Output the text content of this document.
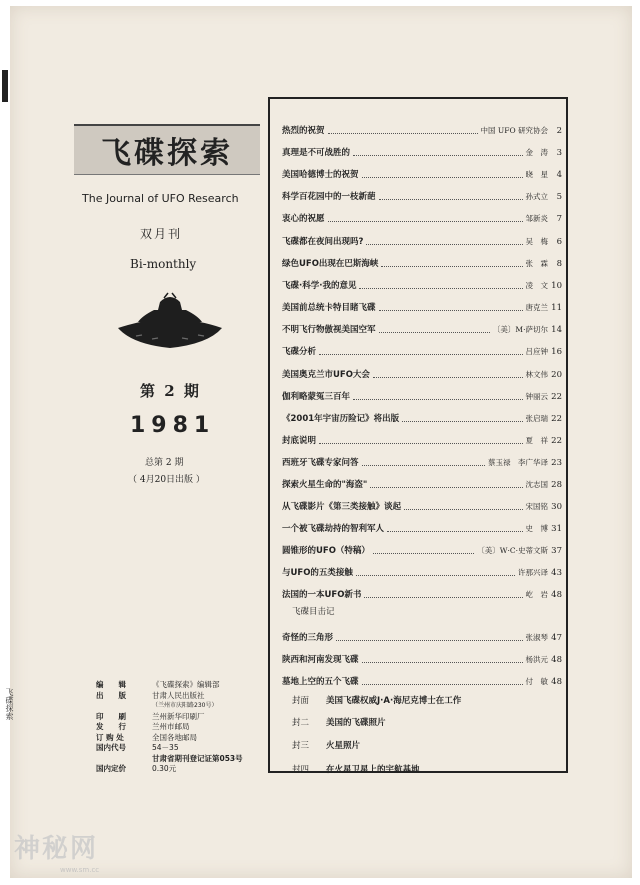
飞碟探索
飞碟探索
The Journal of UFO Research
双月刊
Bi-monthly
第 2 期
1981
总第 2 期
（ 4月20日出版 ）
编　　辑	《飞碟探索》编辑部
出　　版	甘肃人民出版社
（兰州市庆阳路230号）
印　　刷	兰州新华印刷厂
发　　行	兰州市邮局
订 购 处	全国各地邮局
国内代号	54－35
甘肃省期刊登记证第053号
国内定价	0.30元
热烈的祝贺	中国 UFO 研究协会	2
真理是不可战胜的	金　涛	3
美国哈德博士的祝贺	晓　星	4
科学百花园中的一枝新葩	孙式立	5
衷心的祝愿	邹新炎	7
飞碟都在夜间出现吗?	吴　梅	6
绿色UFO出现在巴斯海峡	张　霖	8
飞碟·科学·我的意见	凌　文 10
美国前总统卡特目睹飞碟	唐克兰 11
不明飞行物傲视美国空军	〔美〕M·萨切尔 14
飞碟分析	吕应钟 16
美国奥克兰市UFO大会	林文伟 20
伽利略蒙冤三百年	钟丽云 22
《2001年宇宙历险记》将出版	张启瑞 22
封底说明	夏　祥 22
西班牙飞碟专家问答	蔡玉禄　李广华译 23
探索火星生命的"海盗"	沈志国 28
从飞碟影片《第三类接触》谈起	宋国铭 30
一个被飞碟劫持的智利军人	史　博 31
圆锥形的UFO（特稿）	〔美〕W·C·史蒂文斯 37
与UFO的五类接触	许那兴译 43
法国的一本UFO新书	屹　岩 48
飞碟目击记
奇怪的三角形	张淑琴 47
陕西和河南发现飞碟	杨洪元 48
墓地上空的五个飞碟	付　敏 48
封面	美国飞碟权威J·A·海尼克博士在工作
封二	美国的飞碟照片
封三	火星照片
封四	在火星卫星上的宇航基地
神秘网
www.sm.cc
